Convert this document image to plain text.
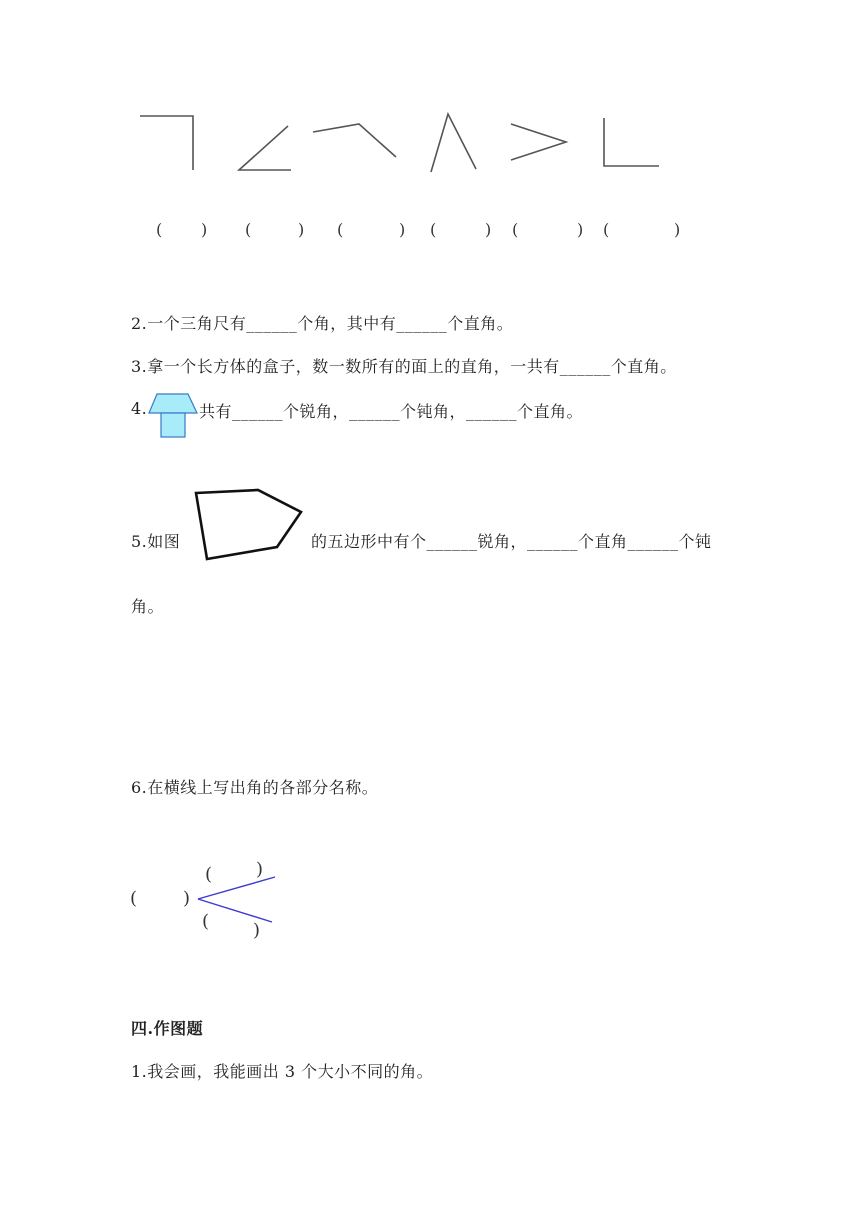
( ) (	) (	) (	) (	) (	)
2.一个三角尺有______个角，其中有______个直角。
3.拿一个长方体的盒子，数一数所有的面上的直角，一共有______个直角。
4.	共有______个锐角，______个钝角，______个直角。
5.如图	的五边形中有个______锐角，______个直角______个钝
角。
6.在横线上写出角的各部分名称。
(	)
( )
( )
四.作图题
1.我会画，我能画出 3 个大小不同的角。
